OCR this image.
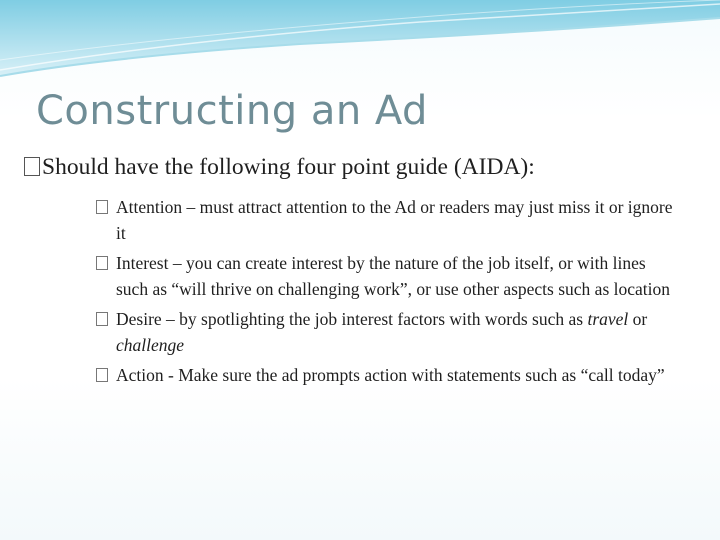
Constructing an Ad
Should have the following four point guide (AIDA):
Attention – must attract attention to the Ad or readers may just miss it or ignore it
Interest – you can create interest by the nature of the job itself, or with lines such as “will thrive on challenging work”, or use other aspects such as location
Desire – by spotlighting the job interest factors with words such as travel or challenge
Action - Make sure the ad prompts action with statements such as “call today”
